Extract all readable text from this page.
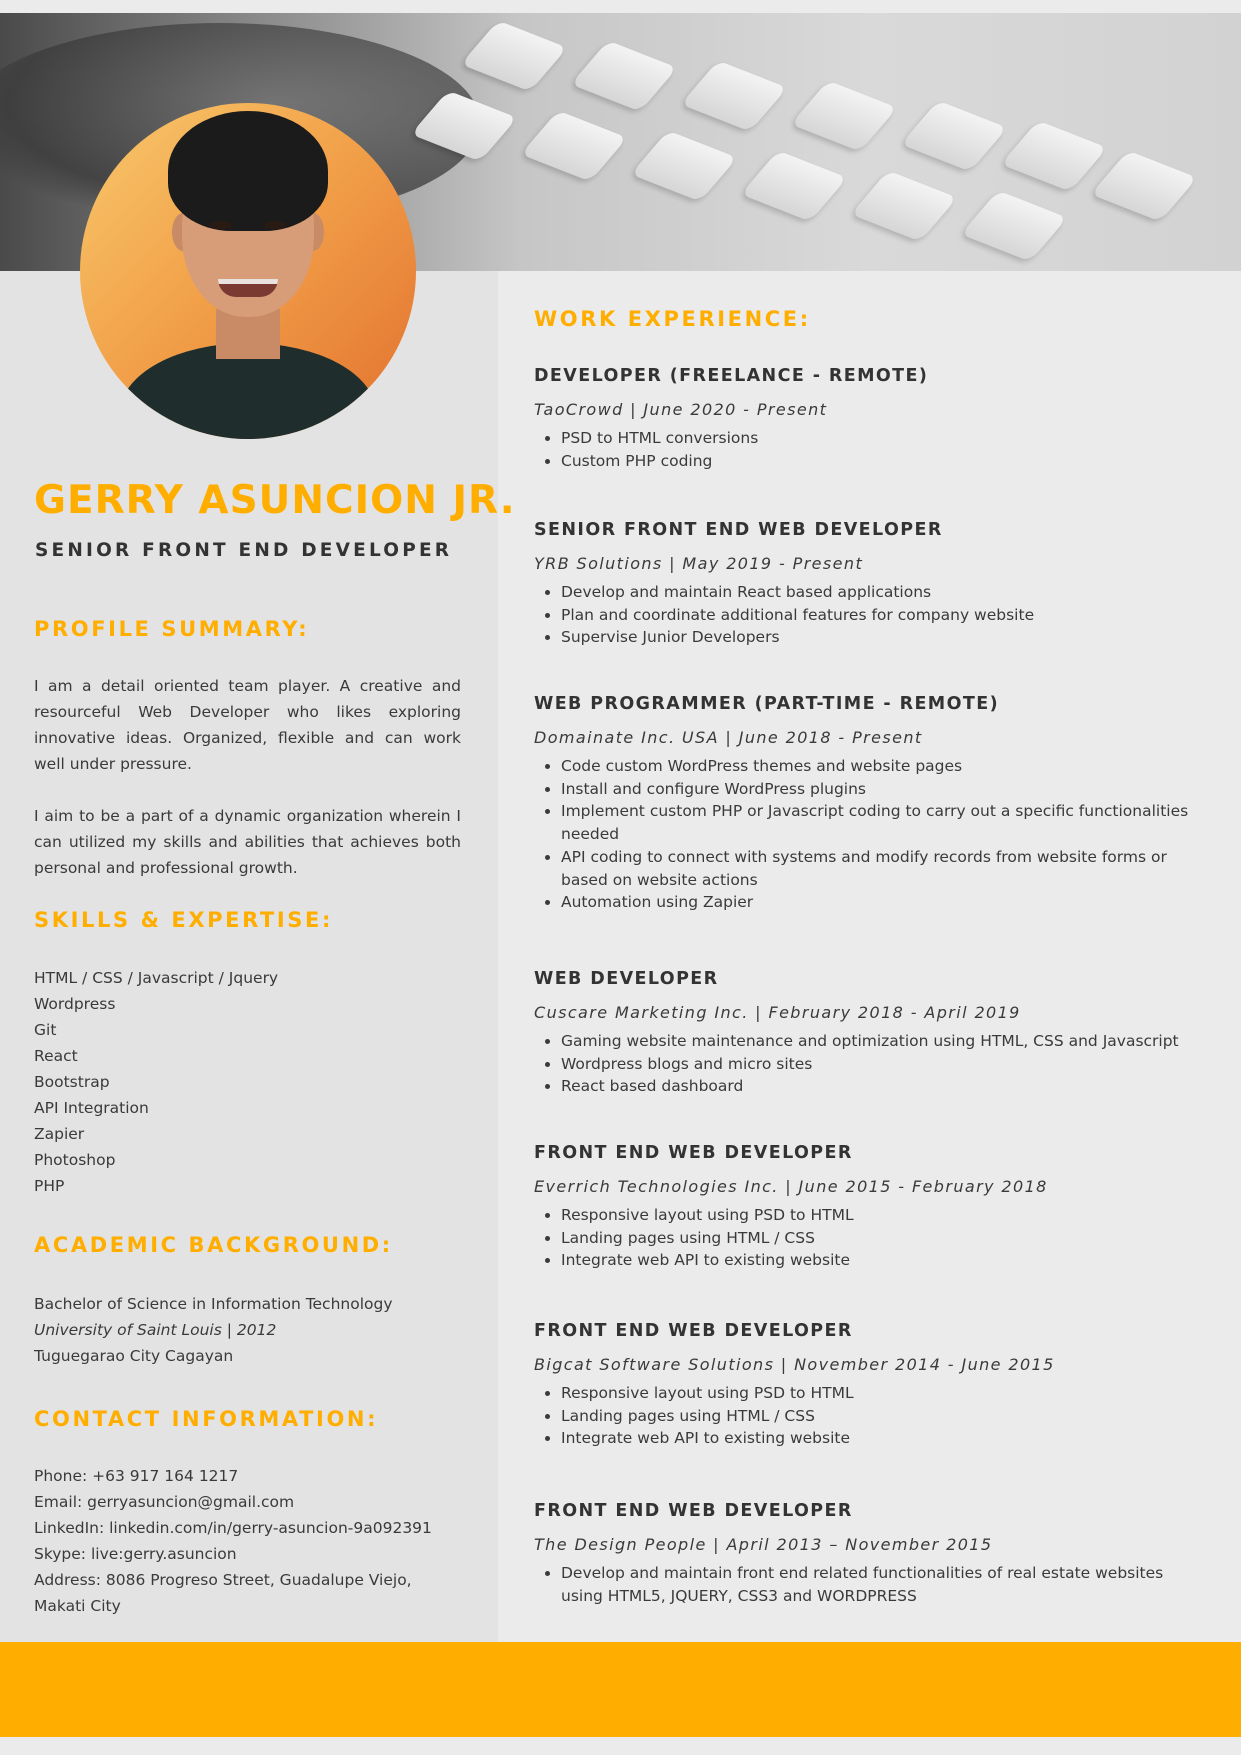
GERRY ASUNCION JR.
SENIOR FRONT END DEVELOPER
PROFILE SUMMARY:

I am a detail oriented team player. A creative and resourceful Web Developer who likes exploring innovative ideas. Organized, flexible and can work well under pressure.

I aim to be a part of a dynamic organization wherein I can utilized my skills and abilities that achieves both personal and professional growth.

SKILLS & EXPERTISE:
HTML / CSS / Javascript / Jquery
Wordpress
Git
React
Bootstrap
API Integration
Zapier
Photoshop
PHP
ACADEMIC BACKGROUND:
Bachelor of Science in Information Technology
University of Saint Louis | 2012
Tuguegarao City Cagayan
CONTACT INFORMATION:
Phone: +63 917 164 1217
Email: gerryasuncion@gmail.com
LinkedIn: linkedin.com/in/gerry-asuncion-9a092391
Skype: live:gerry.asuncion
Address: 8086 Progreso Street, Guadalupe Viejo,
Makati City
WORK EXPERIENCE:
DEVELOPER (FREELANCE - REMOTE)

TaoCrowd | June 2020 - Present

• PSD to HTML conversions
• Custom PHP coding
SENIOR FRONT END WEB DEVELOPER

YRB Solutions | May 2019 - Present

• Develop and maintain React based applications
• Plan and coordinate additional features for company website
• Supervise Junior Developers
WEB PROGRAMMER (PART-TIME - REMOTE)

Domainate Inc. USA | June 2018 - Present

• Code custom WordPress themes and website pages
• Install and configure WordPress plugins
• Implement custom PHP or Javascript coding to carry out a specific functionalities needed
• API coding to connect with systems and modify records from website forms or based on website actions
• Automation using Zapier
WEB DEVELOPER

Cuscare Marketing Inc. | February 2018 - April 2019

• Gaming website maintenance and optimization using HTML, CSS and Javascript
• Wordpress blogs and micro sites
• React based dashboard
FRONT END WEB DEVELOPER

Everrich Technologies Inc. | June 2015 - February 2018

• Responsive layout using PSD to HTML
• Landing pages using HTML / CSS
• Integrate web API to existing website
FRONT END WEB DEVELOPER

Bigcat Software Solutions | November 2014 - June 2015

• Responsive layout using PSD to HTML
• Landing pages using HTML / CSS
• Integrate web API to existing website
FRONT END WEB DEVELOPER

The Design People | April 2013 – November 2015

• Develop and maintain front end related functionalities of real estate websites using HTML5, JQUERY, CSS3 and WORDPRESS
